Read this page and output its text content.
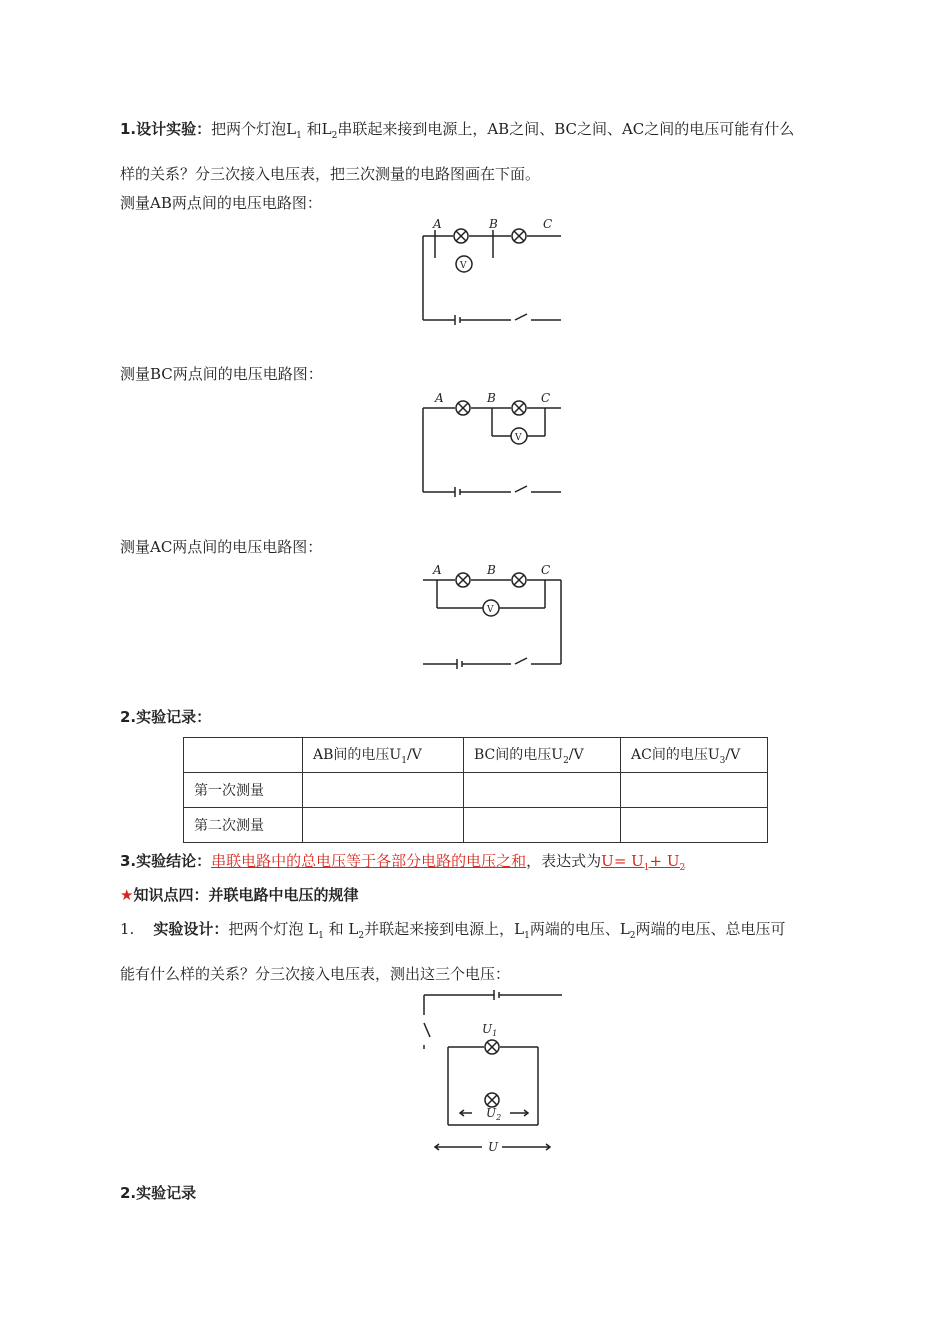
1.设计实验：把两个灯泡$L_1$ 和$L_2$串联起来接到电源上，AB之间、BC之间、AC之间的电压可能有什么
样的关系？分三次接入电压表，把三次测量的电路图画在下面。
测量AB两点间的电压电路图：
A	B	C
V
测量BC两点间的电压电路图：
A	B	C
V
测量AC两点间的电压电路图：
A	B	C
V
2.实验记录：
	AB间的电压$U_1/V$	BC间的电压$U_2/V$	AC间的电压$U_3/V$
第一次测量			
第二次测量			
3.实验结论：串联电路中的总电压等于各部分电路的电压之和，表达式为$U= U_1+ U_2$
★知识点四：并联电路中电压的规律
1. 实验设计：把两个灯泡 $L_1$ 和 $L_2$并联起来接到电源上，$L_1$两端的电压、$L_2$两端的电压、总电压可
能有什么样的关系？分三次接入电压表，测出这三个电压：
$U_1$
$U_2$
U
2.实验记录
